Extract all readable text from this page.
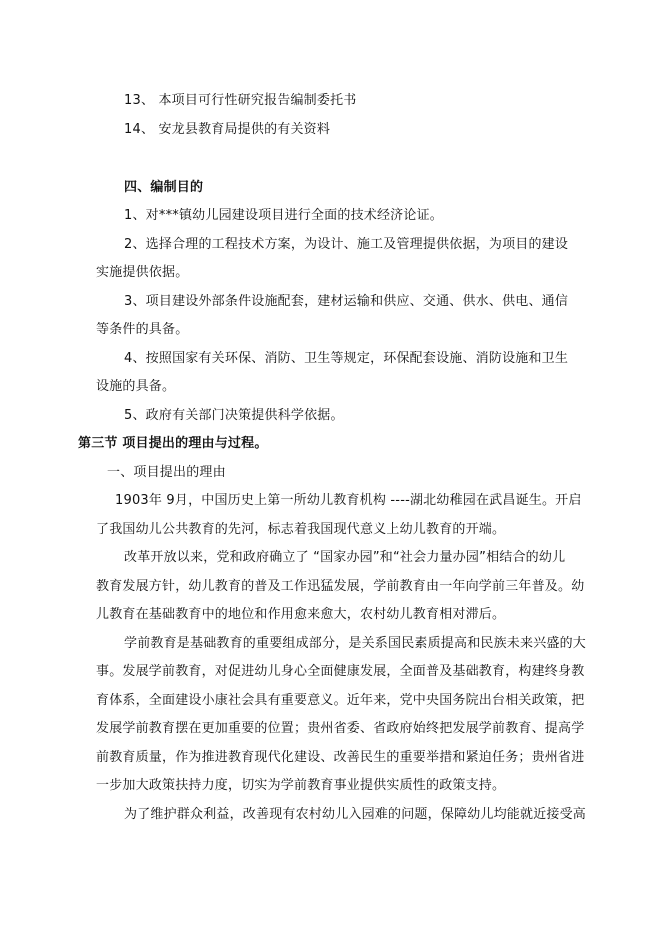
13、 本项目可行性研究报告编制委托书
14、 安龙县教育局提供的有关资料
四、编制目的
1、对***镇幼儿园建设项目进行全面的技术经济论证。
2、选择合理的工程技术方案，为设计、施工及管理提供依据，为项目的建设
实施提供依据。
3、项目建设外部条件设施配套，建材运输和供应、交通、供水、供电、通信
等条件的具备。
4、按照国家有关环保、消防、卫生等规定，环保配套设施、消防设施和卫生
设施的具备。
5、政府有关部门决策提供科学依据。
第三节 项目提出的理由与过程。
一、项目提出的理由
1903年 9月，中国历史上第一所幼儿教育机构 ----湖北幼稚园在武昌诞生。开启
了我国幼儿公共教育的先河，标志着我国现代意义上幼儿教育的开端。
改革开放以来，党和政府确立了 “国家办园”和“社会力量办园”相结合的幼儿
教育发展方针，幼儿教育的普及工作迅猛发展，学前教育由一年向学前三年普及。幼
儿教育在基础教育中的地位和作用愈来愈大，农村幼儿教育相对滞后。
学前教育是基础教育的重要组成部分，是关系国民素质提高和民族未来兴盛的大
事。发展学前教育，对促进幼儿身心全面健康发展，全面普及基础教育，构建终身教
育体系，全面建设小康社会具有重要意义。近年来，党中央国务院出台相关政策，把
发展学前教育摆在更加重要的位置；贵州省委、省政府始终把发展学前教育、提高学
前教育质量，作为推进教育现代化建设、改善民生的重要举措和紧迫任务；贵州省进
一步加大政策扶持力度，切实为学前教育事业提供实质性的政策支持。
为了维护群众利益，改善现有农村幼儿入园难的问题，保障幼儿均能就近接受高
